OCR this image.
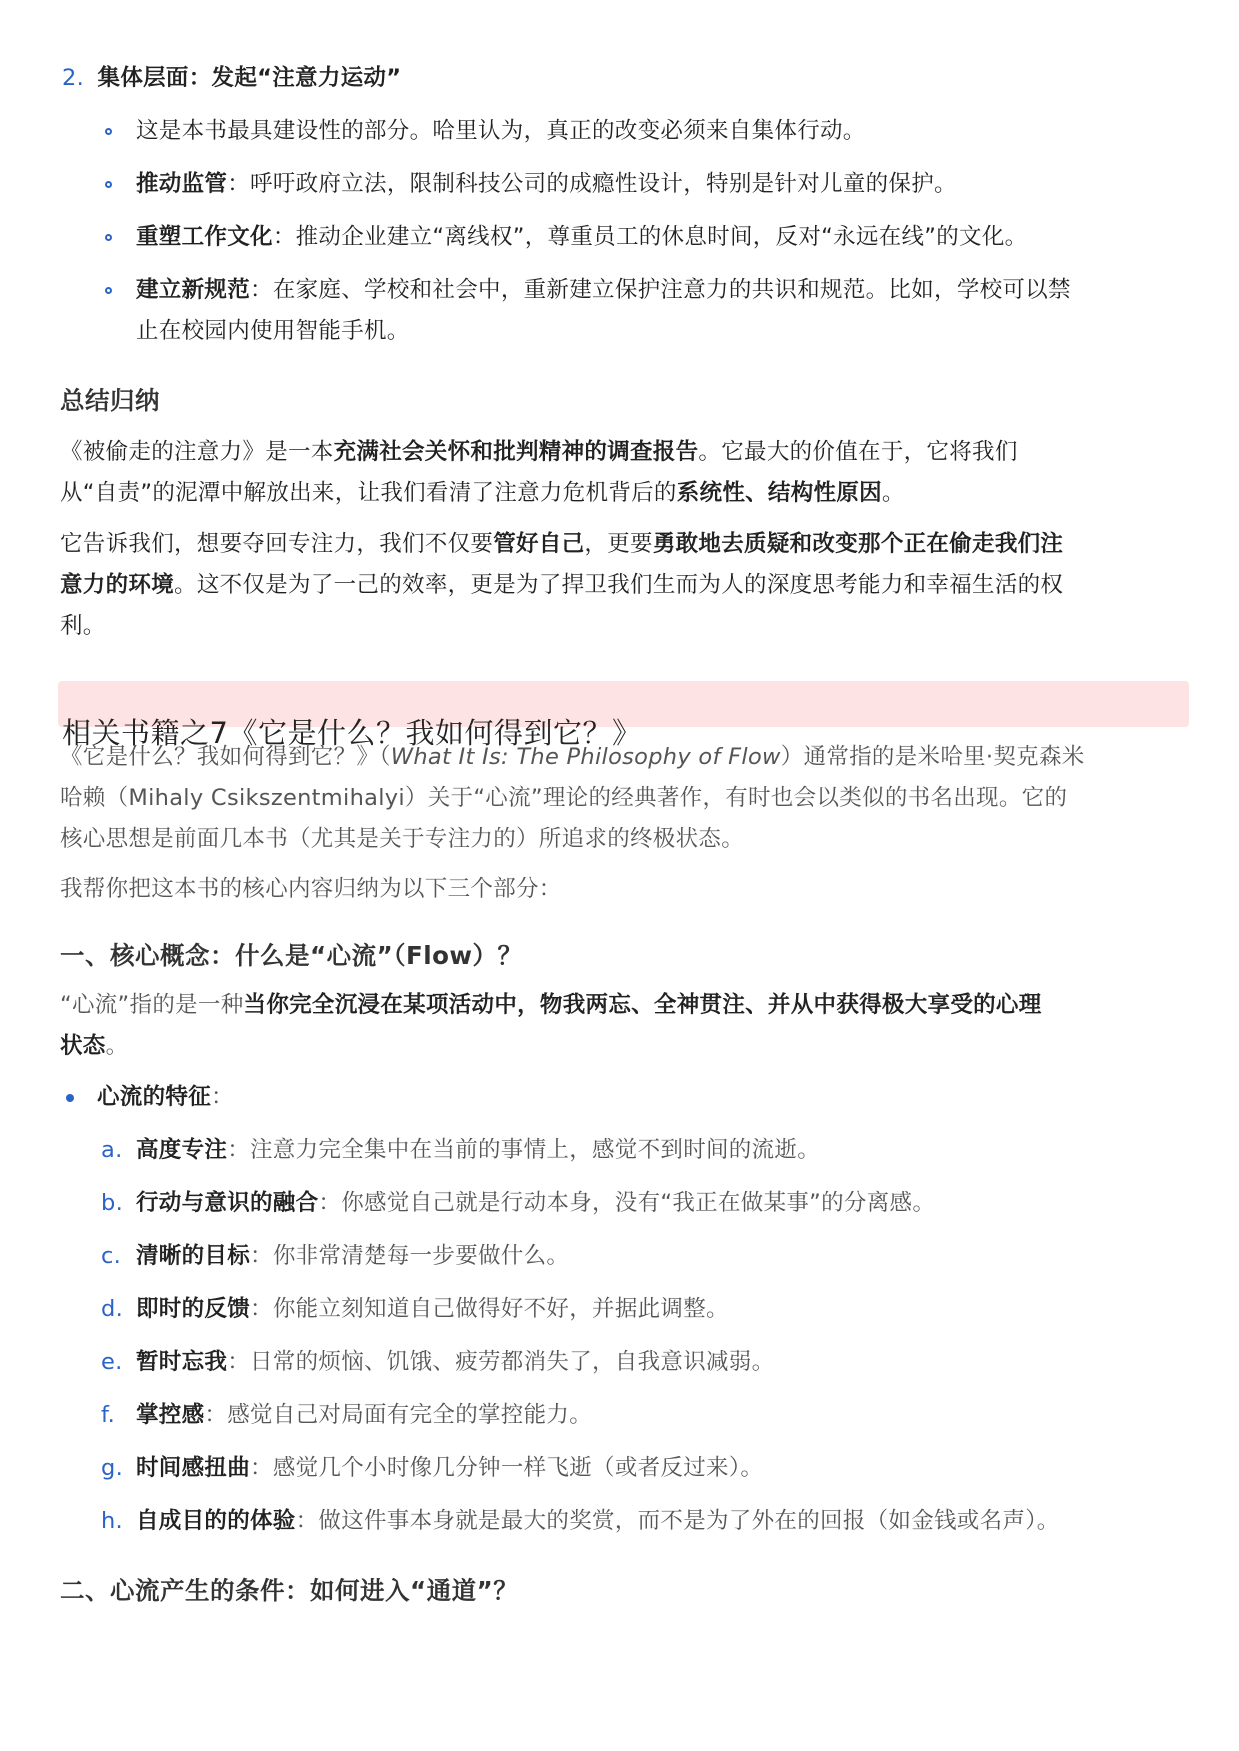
2. 集体层面：发起“注意力运动”

这是本书最具建设性的部分。哈里认为，真正的改变必须来自集体行动。

推动监管：呼吁政府立法，限制科技公司的成瘾性设计，特别是针对儿童的保护。

重塑工作文化：推动企业建立“离线权”，尊重员工的休息时间，反对“永远在线”的文化。

建立新规范：在家庭、学校和社会中，重新建立保护注意力的共识和规范。比如，学校可以禁

止在校园内使用智能手机。

总结归纳

《被偷走的注意力》是一本充满社会关怀和批判精神的调查报告。它最大的价值在于，它将我们

从“自责”的泥潭中解放出来，让我们看清了注意力危机背后的系统性、结构性原因。

它告诉我们，想要夺回专注力，我们不仅要管好自己，更要勇敢地去质疑和改变那个正在偷走我们注

意力的环境。这不仅是为了一己的效率，更是为了捍卫我们生而为人的深度思考能力和幸福生活的权

利。

相关书籍之7《它是什么？我如何得到它？》

《它是什么？我如何得到它？》（What It Is: The Philosophy of Flow）通常指的是米哈里·契克森米

哈赖（Mihaly Csikszentmihalyi）关于“心流”理论的经典著作，有时也会以类似的书名出现。它的

核心思想是前面几本书（尤其是关于专注力的）所追求的终极状态。

我帮你把这本书的核心内容归纳为以下三个部分：

一、核心概念：什么是“心流”（Flow）？

“心流”指的是一种当你完全沉浸在某项活动中，物我两忘、全神贯注、并从中获得极大享受的心理

状态。

心流的特征：

a. 高度专注：注意力完全集中在当前的事情上，感觉不到时间的流逝。

b. 行动与意识的融合：你感觉自己就是行动本身，没有“我正在做某事”的分离感。

c. 清晰的目标：你非常清楚每一步要做什么。

d. 即时的反馈：你能立刻知道自己做得好不好，并据此调整。

e. 暂时忘我：日常的烦恼、饥饿、疲劳都消失了，自我意识减弱。

f. 掌控感：感觉自己对局面有完全的掌控能力。

g. 时间感扭曲：感觉几个小时像几分钟一样飞逝（或者反过来）。

h. 自成目的的体验：做这件事本身就是最大的奖赏，而不是为了外在的回报（如金钱或名声）。

二、心流产生的条件：如何进入“通道”？
